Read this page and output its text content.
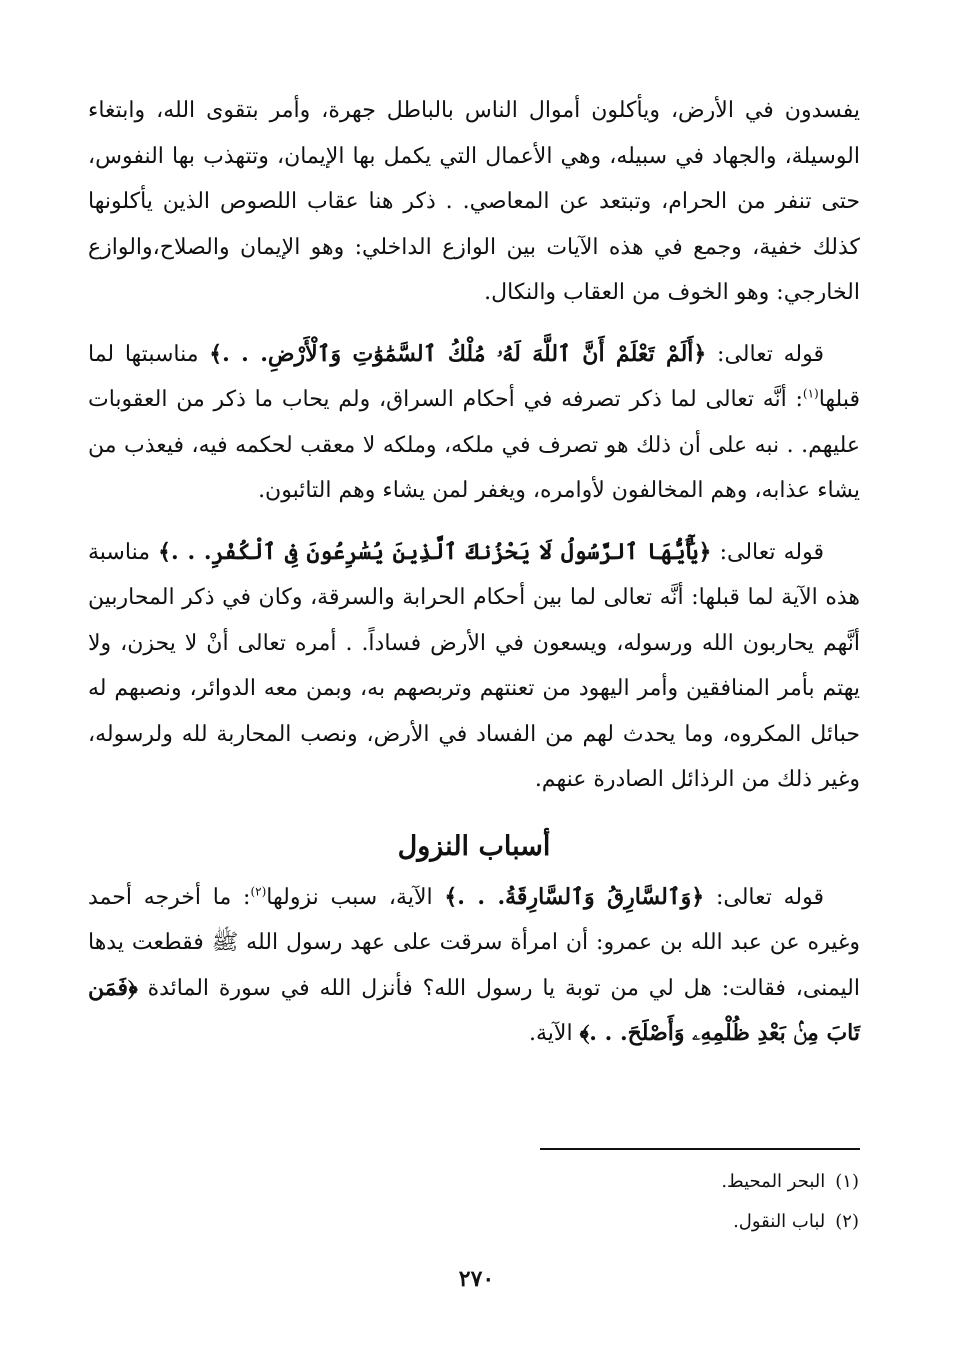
يفسدون في الأرض، ويأكلون أموال الناس بالباطل جهرة، وأمر بتقوى الله، وابتغاء الوسيلة، والجهاد في سبيله، وهي الأعمال التي يكمل بها الإيمان، وتتهذب بها النفوس، حتى تنفر من الحرام، وتبتعد عن المعاصي. . ذكر هنا عقاب اللصوص الذين يأكلونها كذلك خفية، وجمع في هذه الآيات بين الوازع الداخلي: وهو الإيمان والصلاح،والوازع الخارجي: وهو الخوف من العقاب والنكال.

قوله تعالى: ﴿أَلَمْ تَعْلَمْ أَنَّ ٱللَّهَ لَهُۥ مُلْكُ ٱلسَّمَٰوَٰتِ وَٱلْأَرْضِ. . .﴾ مناسبتها لما قبلها$^{(١)}$: أنَّه تعالى لما ذكر تصرفه في أحكام السراق، ولم يحاب ما ذكر من العقوبات عليهم. . نبه على أن ذلك هو تصرف في ملكه، وملكه لا معقب لحكمه فيه، فيعذب من يشاء عذابه، وهم المخالفون لأوامره، ويغفر لمن يشاء وهم التائبون.

قوله تعالى: ﴿يَٰٓأَيُّهَا ٱلرَّسُولُ لَا يَحْزُنكَ ٱلَّذِينَ يُسَٰرِعُونَ فِى ٱلْكُفْرِ. . .﴾ مناسبة هذه الآية لما قبلها: أنَّه تعالى لما بين أحكام الحرابة والسرقة، وكان في ذكر المحاربين أنَّهم يحاربون الله ورسوله، ويسعون في الأرض فساداً. . أمره تعالى أنْ لا يحزن، ولا يهتم بأمر المنافقين وأمر اليهود من تعنتهم وتربصهم به، وبمن معه الدوائر، ونصبهم له حبائل المكروه، وما يحدث لهم من الفساد في الأرض، ونصب المحاربة لله ولرسوله، وغير ذلك من الرذائل الصادرة عنهم.

أسباب النزول

قوله تعالى: ﴿وَٱلسَّارِقُ وَٱلسَّارِقَةُ. . .﴾ الآية، سبب نزولها$^{(٢)}$: ما أخرجه أحمد وغيره عن عبد الله بن عمرو: أن امرأة سرقت على عهد رسول الله ﷺ فقطعت يدها اليمنى، فقالت: هل لي من توبة يا رسول الله؟ فأنزل الله في سورة المائدة ﴿فَمَن تَابَ مِنۢ بَعْدِ ظُلْمِهِۦ وَأَصْلَحَ. . .﴾ الآية.

(١)البحر المحيط.
(٢)لباب النقول.
٢٧٠
